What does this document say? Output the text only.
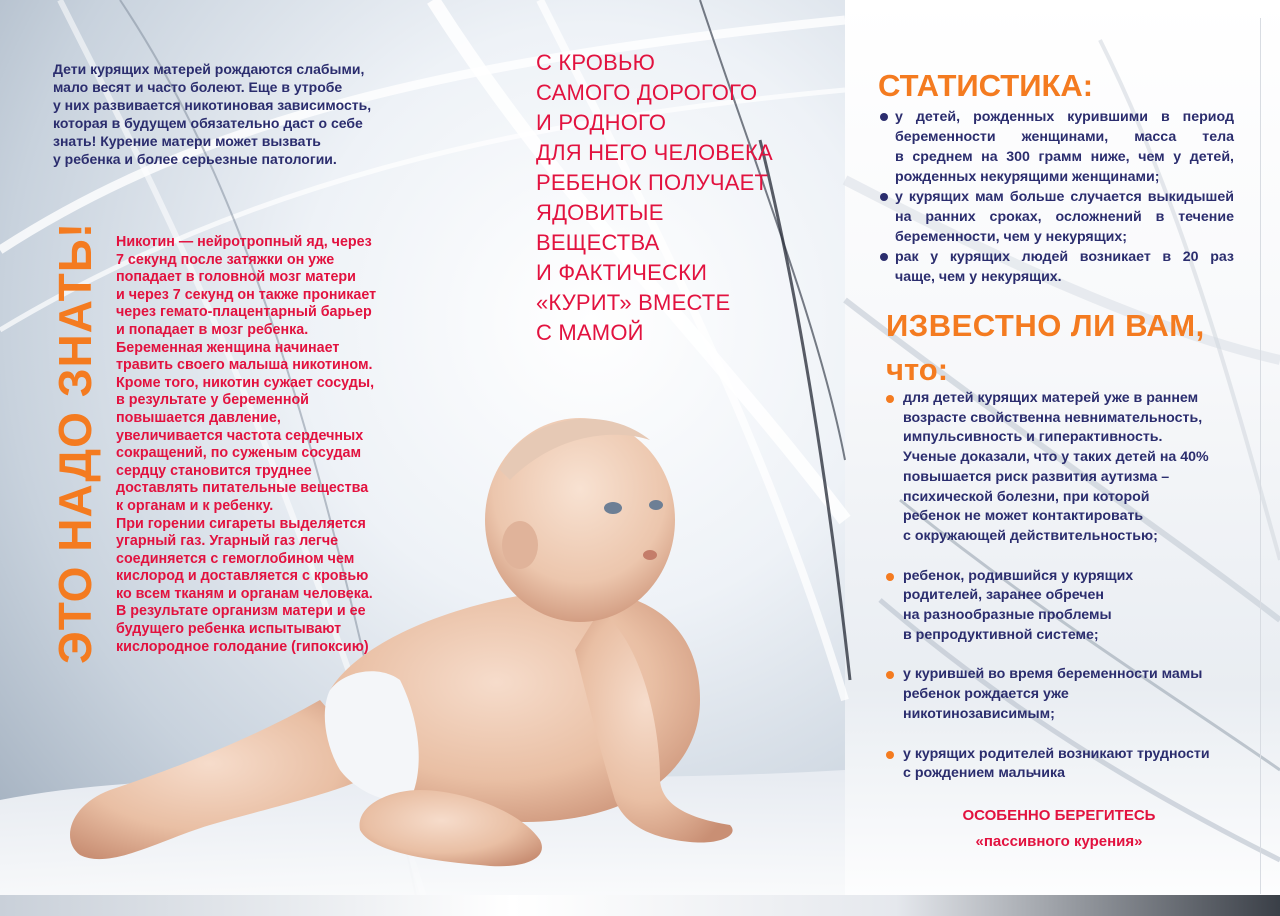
Дети курящих матерей рождаются слабыми,
мало весят и часто болеют. Еще в утробе
у них развивается никотиновая зависимость,
которая в будущем обязательно даст о себе
знать! Курение матери может вызвать
у ребенка и более серьезные патологии.
ЭТО НАДО ЗНАТЬ! Никотин — нейротропный яд, через
7 секунд после затяжки он уже
попадает в головной мозг матери
и через 7 секунд он также проникает
через гемато-плацентарный барьер
и попадает в мозг ребенка.
Беременная женщина начинает
травить своего малыша никотином.
Кроме того, никотин сужает сосуды,
в результате у беременной
повышается давление,
увеличивается частота сердечных
сокращений, по суженым сосудам
сердцу становится труднее
доставлять питательные вещества
к органам и к ребенку.
При горении сигареты выделяется
угарный газ. Угарный газ легче
соединяется с гемоглобином чем
кислород и доставляется с кровью
ко всем тканям и органам человека.
В результате организм матери и ее
будущего ребенка испытывают
кислородное голодание (гипоксию)
С КРОВЬЮ
САМОГО ДОРОГОГО
И РОДНОГО
ДЛЯ НЕГО ЧЕЛОВЕКА
РЕБЕНОК ПОЛУЧАЕТ
ЯДОВИТЫЕ
ВЕЩЕСТВА
И ФАКТИЧЕСКИ
«КУРИТ» ВМЕСТЕ
С МАМОЙ
СТАТИСТИКА:
у детей, рожденных курившими в период
беременности женщинами, масса тела
в среднем на 300 грамм ниже, чем у детей,
рожденных некурящими женщинами;
у курящих мам больше случается выкидышей
на ранних сроках, осложнений в течение
беременности, чем у некурящих;
рак у курящих людей возникает в 20 раз
чаще, чем у некурящих.
ИЗВЕСТНО ЛИ ВАМ,
что:
для детей курящих матерей уже в раннем
возрасте свойственна невнимательность,
импульсивность и гиперактивность.
Ученые доказали, что у таких детей на 40%
повышается риск развития аутизма –
психической болезни, при которой
ребенок не может контактировать
с окружающей действительностью;
ребенок, родившийся у курящих
родителей, заранее обречен
на разнообразные проблемы
в репродуктивной системе;
у курившей во время беременности мамы
ребенок рождается уже
никотинозависимым;
у курящих родителей возникают трудности
с рождением мальчика
ОСОБЕННО БЕРЕГИТЕСЬ
«пассивного курения»
